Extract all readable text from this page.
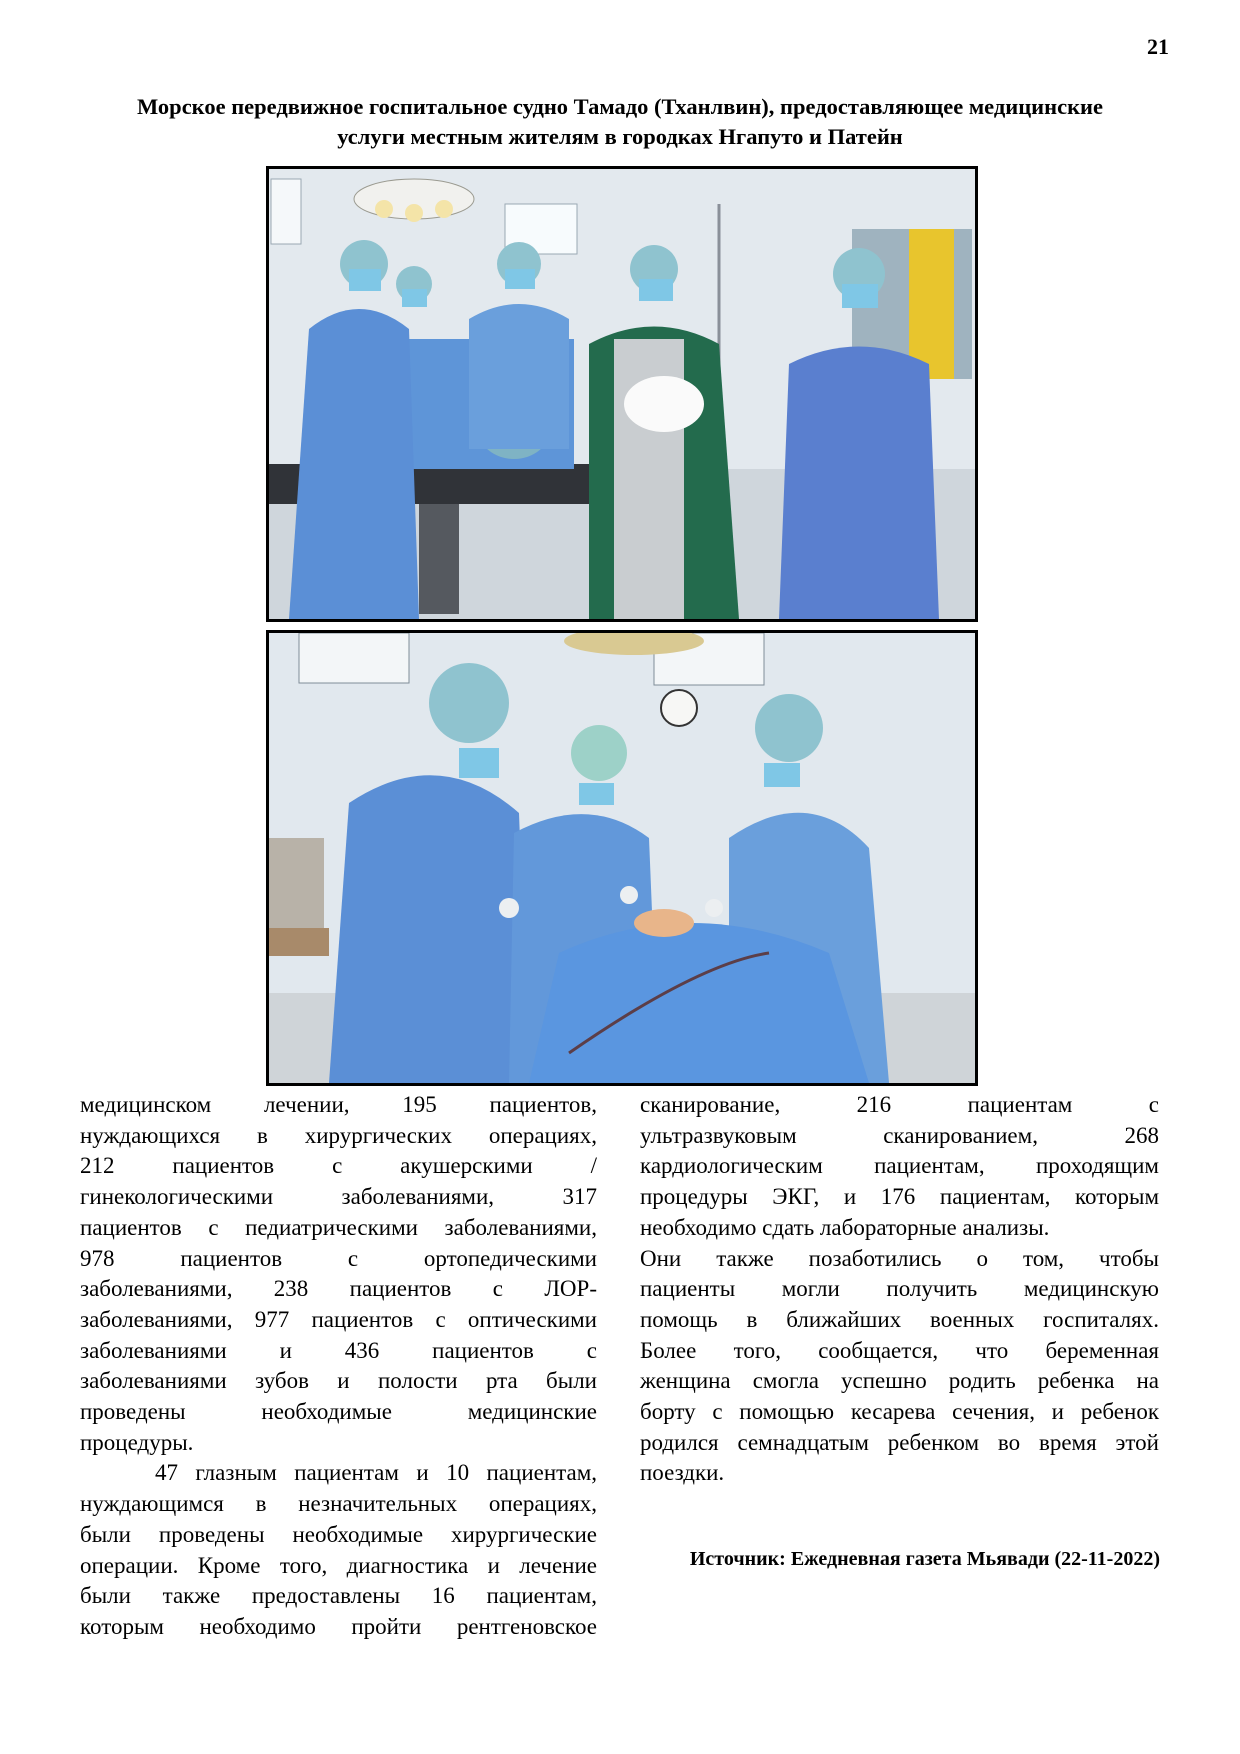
21
Морское передвижное госпитальное судно Тамадо (Тханлвин), предоставляющее медицинские
услуги местным жителям в городках Нгапуто и Патейн

медицинском лечении, 195 пациентов,
нуждающихся в хирургических операциях,
212 пациентов с акушерскими /
гинекологическими заболеваниями, 317
пациентов с педиатрическими заболеваниями,
978 пациентов с ортопедическими
заболеваниями, 238 пациентов с ЛОР-
заболеваниями, 977 пациентов с оптическими
заболеваниями и 436 пациентов с
заболеваниями зубов и полости рта были
проведены необходимые медицинские
процедуры.

47 глазным пациентам и 10 пациентам,
нуждающимся в незначительных операциях,
были проведены необходимые хирургические
операции. Кроме того, диагностика и лечение
были также предоставлены 16 пациентам,
которым необходимо пройти рентгеновское

сканирование, 216 пациентам с
ультразвуковым сканированием, 268
кардиологическим пациентам, проходящим
процедуры ЭКГ, и 176 пациентам, которым
необходимо сдать лабораторные анализы.

Они также позаботились о том, чтобы
пациенты могли получить медицинскую
помощь в ближайших военных госпиталях.
Более того, сообщается, что беременная
женщина смогла успешно родить ребенка на
борту с помощью кесарева сечения, и ребенок
родился семнадцатым ребенком во время этой
поездки.

Источник: Ежедневная газета Мьявади (22-11-2022)
